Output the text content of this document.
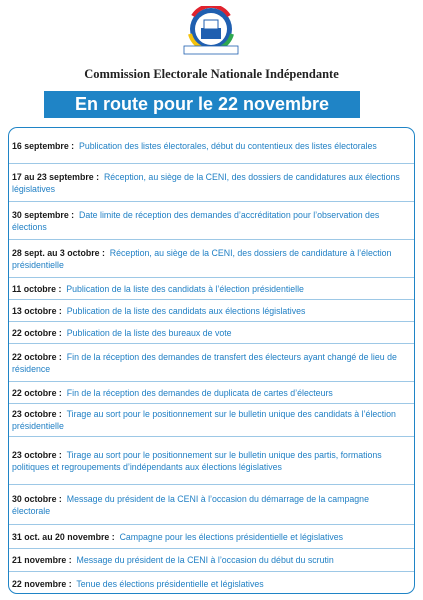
Commission Electorale Nationale Indépendante
En route pour le 22 novembre
16 septembre : Publication des listes électorales, début du contentieux des listes électorales
17 au 23 septembre : Réception, au siège de la CENI, des dossiers de candidatures aux élections législatives
30 septembre : Date limite de réception des demandes d’accréditation pour l’observation des élections
28 sept. au 3 octobre : Réception, au siège de la CENI, des dossiers de candidature à l’élection présidentielle
11 octobre : Publication de la liste des candidats à l’élection présidentielle
13 octobre : Publication de la liste des candidats aux élections législatives
22 octobre : Publication de la liste des bureaux de vote
22 octobre : Fin de la réception des demandes de transfert des électeurs ayant changé de lieu de résidence
22 octobre : Fin de la réception des demandes de duplicata de cartes d’électeurs
23 octobre : Tirage au sort pour le positionnement sur le bulletin unique des candidats à l’élection présidentielle
23 octobre : Tirage au sort pour le positionnement sur le bulletin unique des partis, formations politiques et regroupements d’indépendants aux élections législatives
30 octobre : Message du président de la CENI à l’occasion du démarrage de la campagne électorale
31 oct. au 20 novembre : Campagne pour les élections présidentielle et législatives
21 novembre : Message du président de la CENI à l’occasion du début du scrutin
22 novembre : Tenue des élections présidentielle et législatives
